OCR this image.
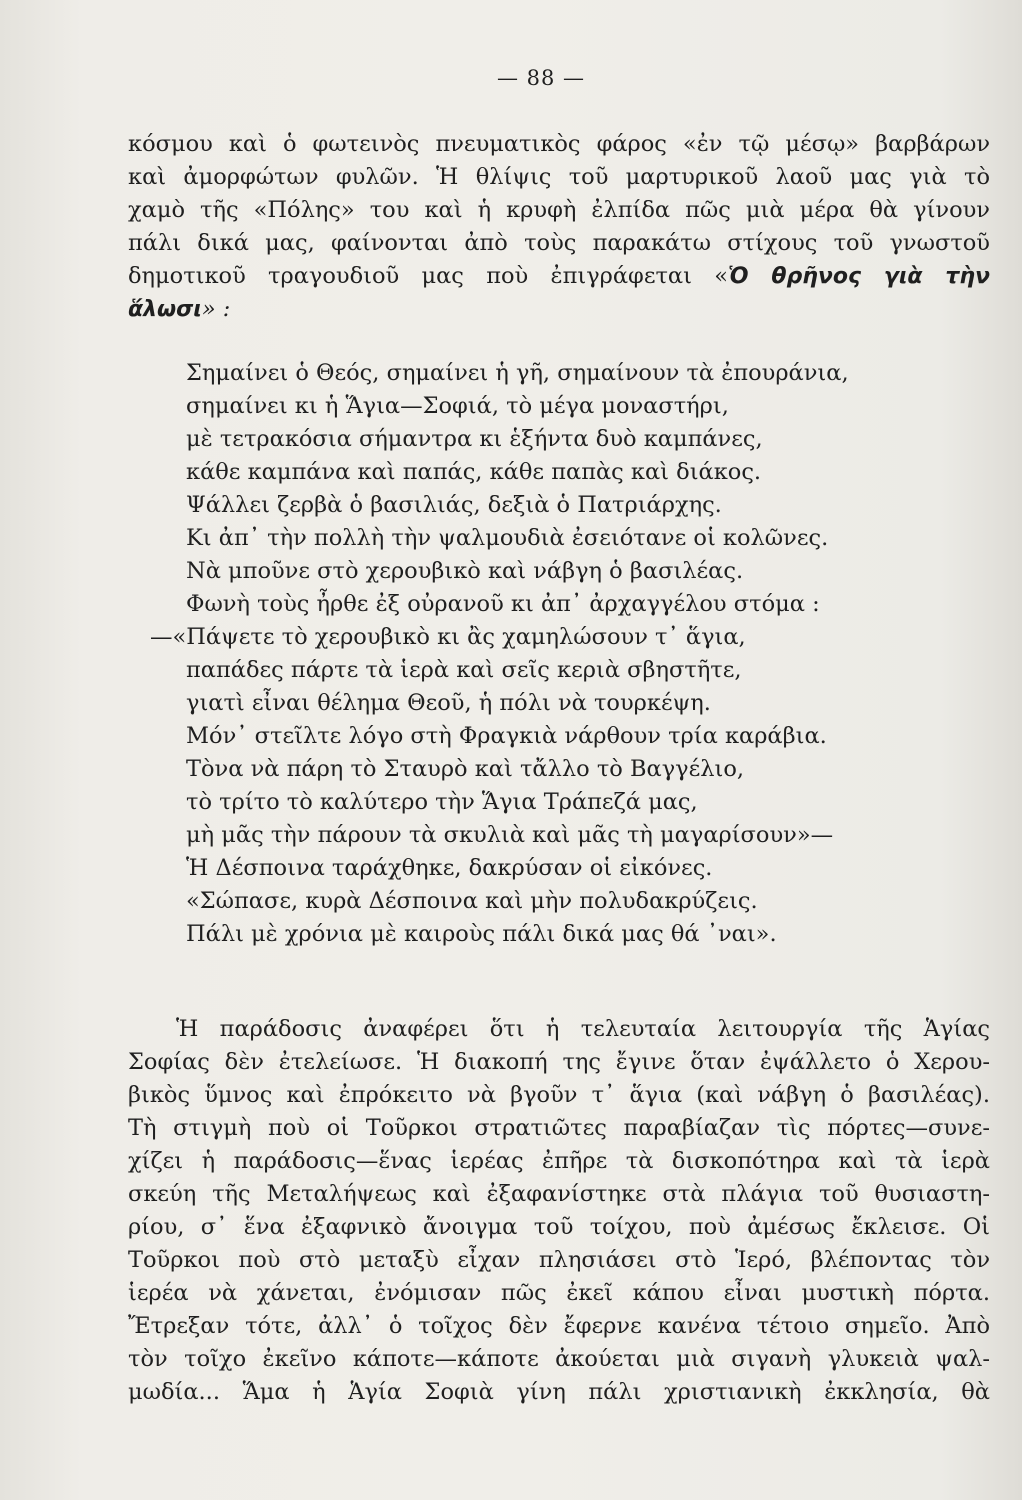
— 88 —
κόσμου καὶ ὁ φωτεινὸς πνευματικὸς φάρος «ἐν τῷ μέσῳ» βαρβάρων
καὶ ἀμορφώτων φυλῶν. Ἡ θλίψις τοῦ μαρτυρικοῦ λαοῦ μας γιὰ τὸ
χαμὸ τῆς «Πόλης» του καὶ ἡ κρυφὴ ἐλπίδα πῶς μιὰ μέρα θὰ γίνουν
πάλι δικά μας, φαίνονται ἀπὸ τοὺς παρακάτω στίχους τοῦ γνωστοῦ
δημοτικοῦ τραγουδιοῦ μας ποὺ ἐπιγράφεται «Ὁ θρῆνος γιὰ τὴν
ἅλωσι» :
Σημαίνει ὁ Θεός, σημαίνει ἡ γῆ, σημαίνουν τὰ ἐπουράνια,
σημαίνει κι ἡ Ἅγια—Σοφιά, τὸ μέγα μοναστήρι,
μὲ τετρακόσια σήμαντρα κι ἑξήντα δυὸ καμπάνες,
κάθε καμπάνα καὶ παπάς, κάθε παπὰς καὶ διάκος.
Ψάλλει ζερβὰ ὁ βασιλιάς, δεξιὰ ὁ Πατριάρχης.
Κι ἀπ᾽ τὴν πολλὴ τὴν ψαλμουδιὰ ἐσειότανε οἱ κολῶνες.
Νὰ μποῦνε στὸ χερουβικὸ καὶ νάβγη ὁ βασιλέας.
Φωνὴ τοὺς ἦρθε ἐξ οὐρανοῦ κι ἀπ᾽ ἀρχαγγέλου στόμα :
—«Πάψετε τὸ χερουβικὸ κι ἂς χαμηλώσουν τ᾽ ἅγια,
παπάδες πάρτε τὰ ἱερὰ καὶ σεῖς κεριὰ σβηστῆτε,
γιατὶ εἶναι θέλημα Θεοῦ, ἡ πόλι νὰ τουρκέψη.
Μόν᾽ στεῖλτε λόγο στὴ Φραγκιὰ νάρθουν τρία καράβια.
Τὸνα νὰ πάρη τὸ Σταυρὸ καὶ τἄλλο τὸ Βαγγέλιο,
τὸ τρίτο τὸ καλύτερο τὴν Ἅγια Τράπεζά μας,
μὴ μᾶς τὴν πάρουν τὰ σκυλιὰ καὶ μᾶς τὴ μαγαρίσουν»—
Ἡ Δέσποινα ταράχθηκε, δακρύσαν οἱ εἰκόνες.
«Σώπασε, κυρὰ Δέσποινα καὶ μὴν πολυδακρύζεις.
Πάλι μὲ χρόνια μὲ καιροὺς πάλι δικά μας θά ᾽ναι».
Ἡ παράδοσις ἀναφέρει ὅτι ἡ τελευταία λειτουργία τῆς Ἁγίας
Σοφίας δὲν ἐτελείωσε. Ἡ διακοπή της ἔγινε ὅταν ἐψάλλετο ὁ Χερου-
βικὸς ὕμνος καὶ ἐπρόκειτο νὰ βγοῦν τ᾽ ἅγια (καὶ νάβγη ὁ βασιλέας).
Τὴ στιγμὴ ποὺ οἱ Τοῦρκοι στρατιῶτες παραβίαζαν τὶς πόρτες—συνε-
χίζει ἡ παράδοσις—ἕνας ἱερέας ἐπῆρε τὰ δισκοπότηρα καὶ τὰ ἱερὰ
σκεύη τῆς Μεταλήψεως καὶ ἐξαφανίστηκε στὰ πλάγια τοῦ θυσιαστη-
ρίου, σ᾽ ἕνα ἐξαφνικὸ ἄνοιγμα τοῦ τοίχου, ποὺ ἀμέσως ἔκλεισε. Οἱ
Τοῦρκοι ποὺ στὸ μεταξὺ εἶχαν πλησιάσει στὸ Ἱερό, βλέποντας τὸν
ἱερέα νὰ χάνεται, ἐνόμισαν πῶς ἐκεῖ κάπου εἶναι μυστικὴ πόρτα.
Ἔτρεξαν τότε, ἀλλ᾽ ὁ τοῖχος δὲν ἔφερνε κανένα τέτοιο σημεῖο. Ἀπὸ
τὸν τοῖχο ἐκεῖνο κάποτε—κάποτε ἀκούεται μιὰ σιγανὴ γλυκειὰ ψαλ-
μωδία... Ἅμα ἡ Ἁγία Σοφιὰ γίνη πάλι χριστιανικὴ ἐκκλησία, θὰ
